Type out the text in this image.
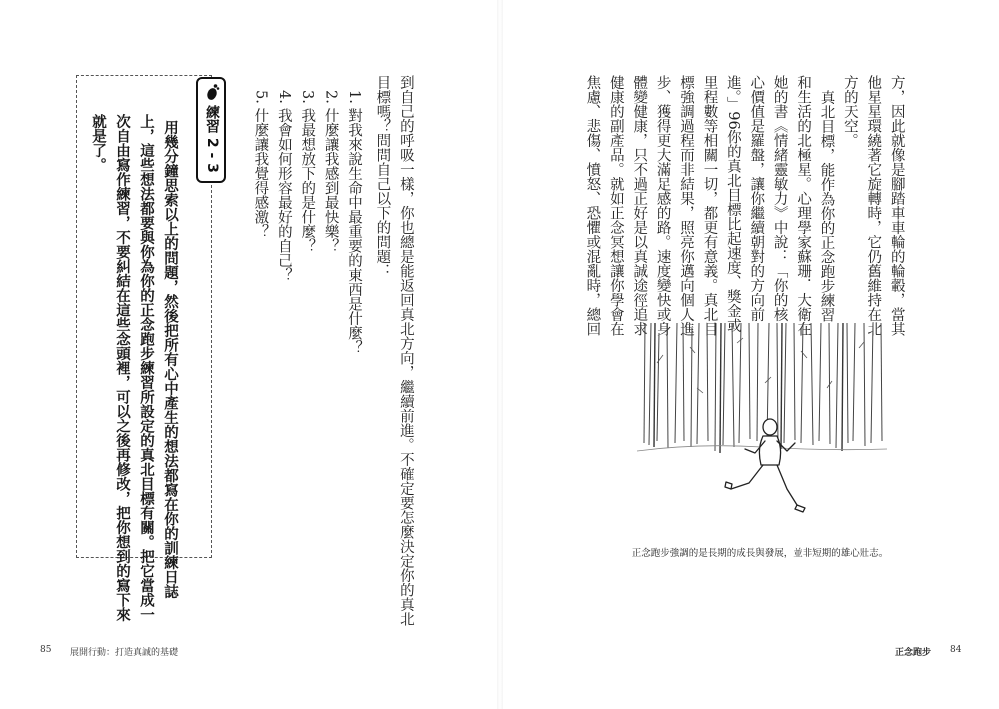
方，因此就像是腳踏車車輪的輪轂，當其
他星星環繞著它旋轉時，它仍舊維持在北
方的天空。
真北目標，能作為你的正念跑步練習
和生活的北極星。心理學家蘇珊．大衛在
她的書《情緒靈敏力》中說：「你的核
心價值是羅盤，讓你繼續朝對的方向前
進。」96你的真北目標比起速度、獎金或
里程數等相關一切，都更有意義。真北目
標強調過程而非結果，照亮你邁向個人進
步、獲得更大滿足感的路。速度變快或身
體變健康，只不過正好是以真誠途徑追求
健康的副產品。就如正念冥想讓你學會在
焦慮、悲傷、憤怒、恐懼或混亂時，總回
正念跑步強調的是長期的成長與發展，並非短期的雄心壯志。
正念跑步 84
到自己的呼吸一樣，你也總是能返回真北方向，繼續前進。不確定要怎麼決定你的真北
目標嗎？問問自己以下的問題：
1. 對我來說生命中最重要的東西是什麼？
2. 什麼讓我感到最快樂？
3. 我最想放下的是什麼？
4. 我會如何形容最好的自己？
5. 什麼讓我覺得感激？
練習 2 - 3
用幾分鐘思索以上的問題，然後把所有心中產生的想法都寫在你的訓練日誌
上，這些想法都要與你為你的正念跑步練習所設定的真北目標有關。把它當成一
次自由寫作練習，不要糾結在這些念頭裡，可以之後再修改，把你想到的寫下來
就是了。
85 展開行動：打造真誠的基礎
